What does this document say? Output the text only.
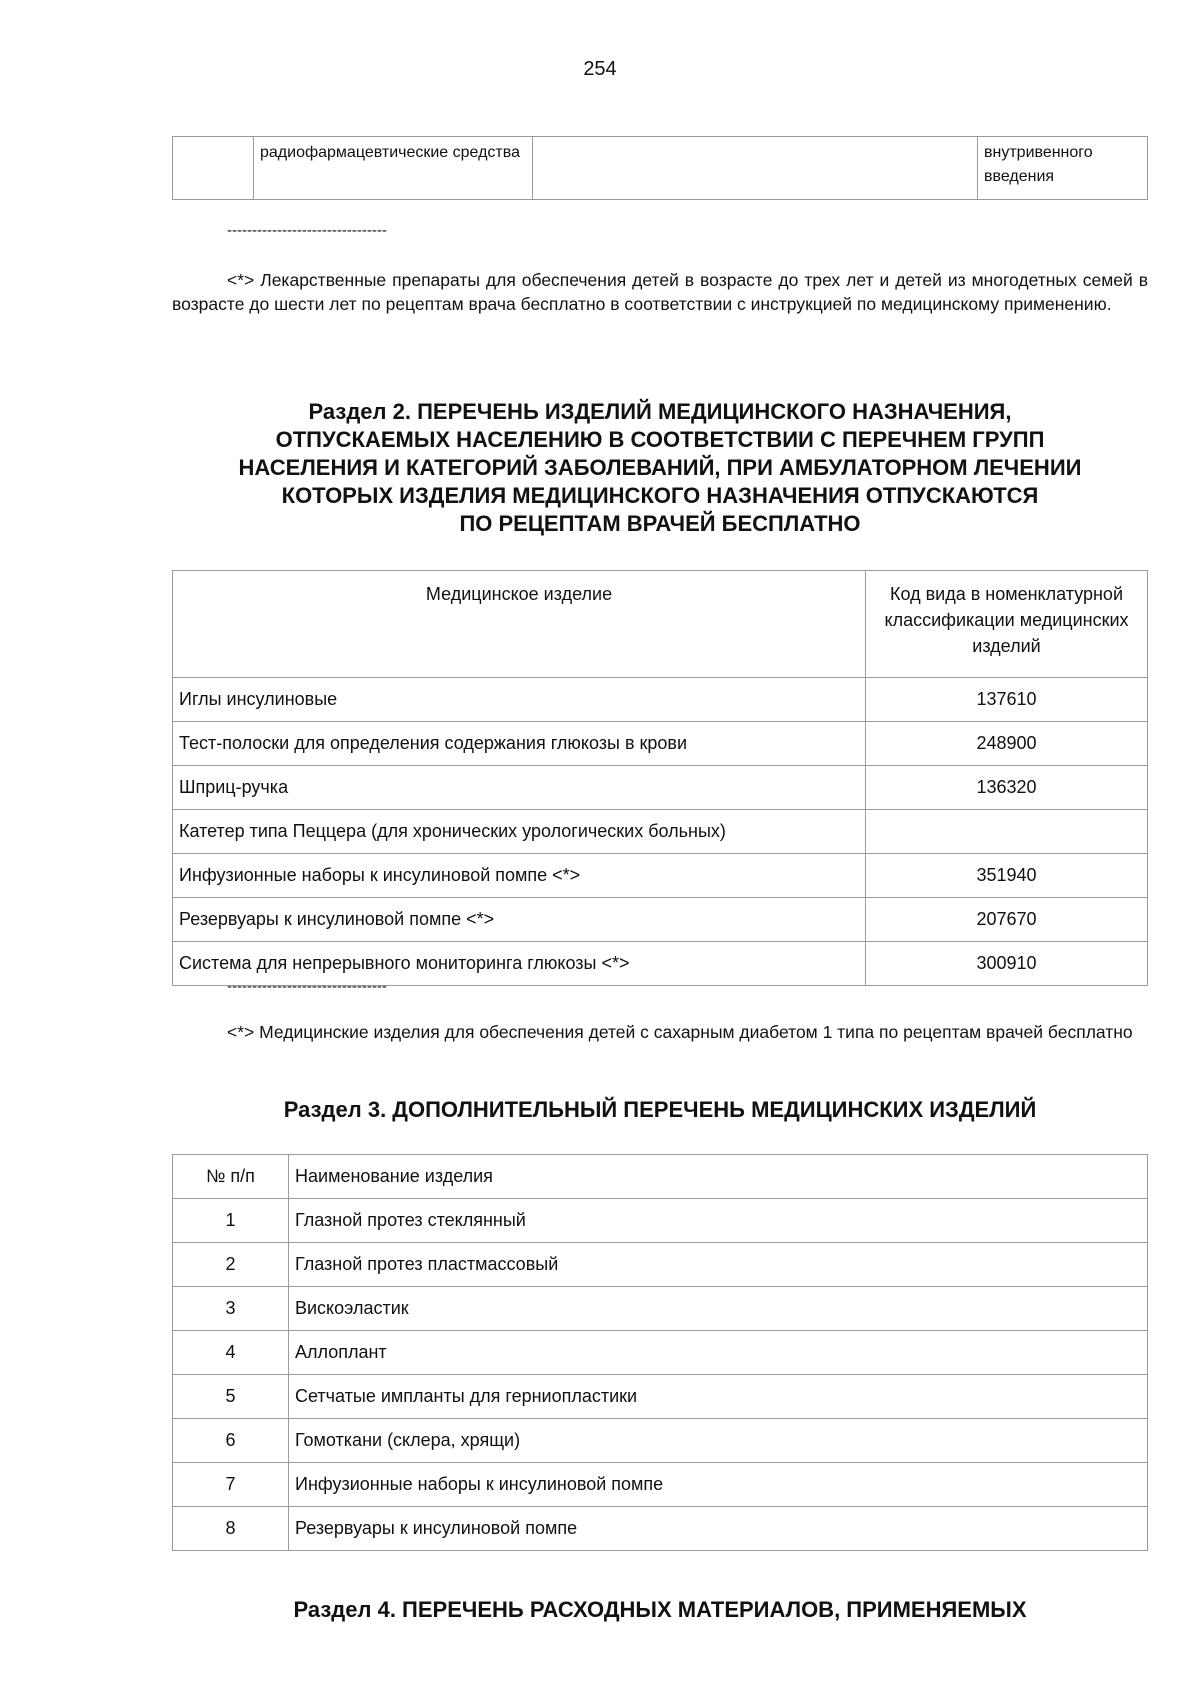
254
	радиофармацевтические средства		внутривенного введения
--------------------------------

<*> Лекарственные препараты для обеспечения детей в возрасте до трех лет и детей из многодетных семей в возрасте до шести лет по рецептам врача бесплатно в соответствии с инструкцией по медицинскому применению.

Раздел 2. ПЕРЕЧЕНЬ ИЗДЕЛИЙ МЕДИЦИНСКОГО НАЗНАЧЕНИЯ,
ОТПУСКАЕМЫХ НАСЕЛЕНИЮ В СООТВЕТСТВИИ С ПЕРЕЧНЕМ ГРУПП
НАСЕЛЕНИЯ И КАТЕГОРИЙ ЗАБОЛЕВАНИЙ, ПРИ АМБУЛАТОРНОМ ЛЕЧЕНИИ
КОТОРЫХ ИЗДЕЛИЯ МЕДИЦИНСКОГО НАЗНАЧЕНИЯ ОТПУСКАЮТСЯ
ПО РЕЦЕПТАМ ВРАЧЕЙ БЕСПЛАТНО
Медицинское изделие	Код вида в номенклатурной классификации медицинских изделий
Иглы инсулиновые	137610
Тест-полоски для определения содержания глюкозы в крови	248900
Шприц-ручка	136320
Катетер типа Пеццера (для хронических урологических больных)	
Инфузионные наборы к инсулиновой помпе <*>	351940
Резервуары к инсулиновой помпе <*>	207670
Система для непрерывного мониторинга глюкозы <*>	300910
--------------------------------

<*> Медицинские изделия для обеспечения детей с сахарным диабетом 1 типа по рецептам врачей бесплатно

Раздел 3. ДОПОЛНИТЕЛЬНЫЙ ПЕРЕЧЕНЬ МЕДИЦИНСКИХ ИЗДЕЛИЙ
№ п/п	Наименование изделия
1	Глазной протез стеклянный
2	Глазной протез пластмассовый
3	Вискоэластик
4	Аллоплант
5	Сетчатые импланты для герниопластики
6	Гомоткани (склера, хрящи)
7	Инфузионные наборы к инсулиновой помпе
8	Резервуары к инсулиновой помпе
Раздел 4. ПЕРЕЧЕНЬ РАСХОДНЫХ МАТЕРИАЛОВ, ПРИМЕНЯЕМЫХ
